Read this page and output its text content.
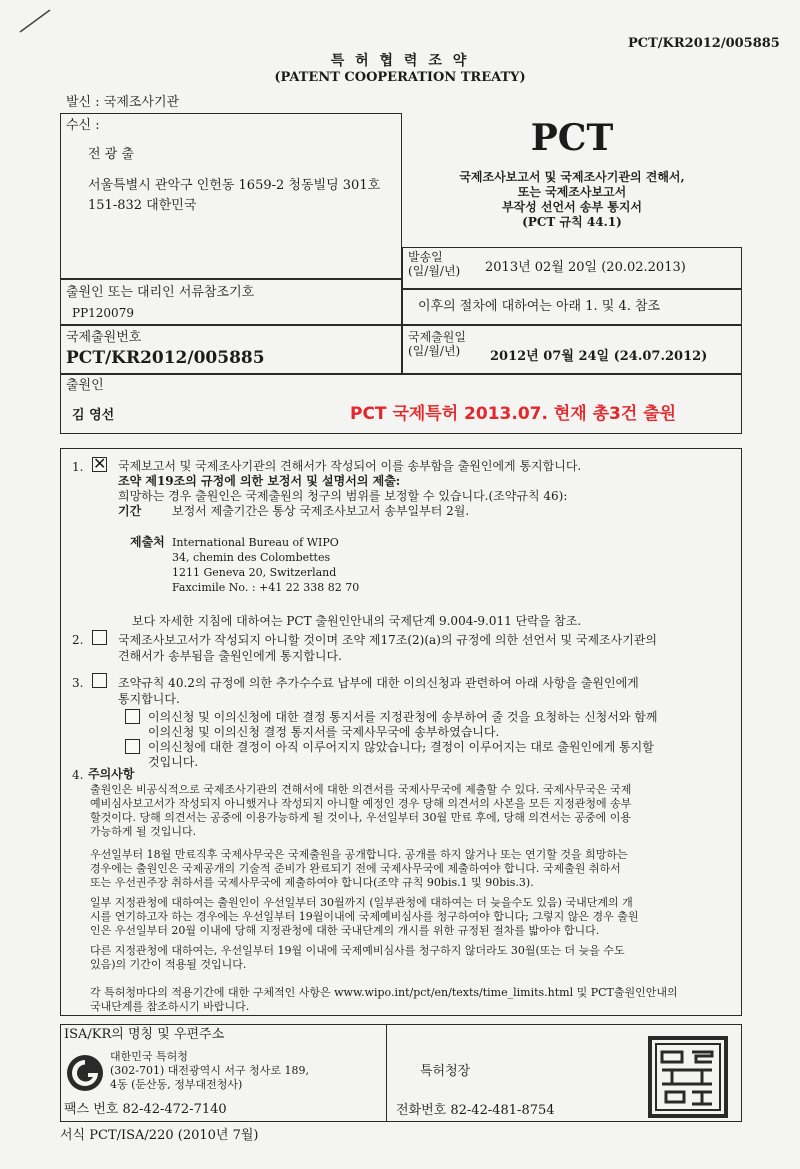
PCT/KR2012/005885
특 허 협 력 조 약
(PATENT COOPERATION TREATY)
발신 : 국제조사기관
수신 :
전 광 출
서울특별시 관악구 인헌동 1659-2 청동빌딩 301호
151-832 대한민국
PCT
국제조사보고서 및 국제조사기관의 견해서,
또는 국제조사보고서
부작성 선언서 송부 통지서
(PCT 규칙 44.1)
발송일
(일/월/년) 2013년 02월 20일 (20.02.2013)
출원인 또는 대리인 서류참조기호
PP120079	이후의 절차에 대하여는 아래 1. 및 4. 참조
국제출원번호
PCT/KR2012/005885
국제출원일
(일/월/년)	2012년 07월 24일 (24.07.2012)
출원인
김 영선	PCT 국제특허 2013.07. 현재 총3건 출원
1. ✕ 국제보고서 및 국제조사기관의 견해서가 작성되어 이를 송부함을 출원인에게 통지합니다.
조약 제19조의 규정에 의한 보정서 및 설명서의 제출:
희망하는 경우 출원인은 국제출원의 청구의 범위를 보정할 수 있습니다.(조약규칙 46):
기간	보정서 제출기간은 통상 국제조사보고서 송부일부터 2월.
제출처 International Bureau of WIPO
34, chemin des Colombettes
1211 Geneva 20, Switzerland
Faxcimile No. : +41 22 338 82 70
보다 자세한 지침에 대하여는 PCT 출원인안내의 국제단계 9.004-9.011 단락을 참조.
2.	국제조사보고서가 작성되지 아니할 것이며 조약 제17조(2)(a)의 규정에 의한 선언서 및 국제조사기관의
견해서가 송부됨을 출원인에게 통지합니다.
3.	조약규칙 40.2의 규정에 의한 추가수수료 납부에 대한 이의신청과 관련하여 아래 사항을 출원인에게
통지합니다.
이의신청 및 이의신청에 대한 결정 통지서를 지정관청에 송부하여 줄 것을 요청하는 신청서와 함께
이의신청 및 이의신청 결정 통지서를 국제사무국에 송부하였습니다.
이의신청에 대한 결정이 아직 이루어지지 않았습니다; 결정이 이루어지는 대로 출원인에게 통지할
것입니다.
4. 주의사항
출원인은 비공식적으로 국제조사기관의 견해서에 대한 의견서를 국제사무국에 제출할 수 있다. 국제사무국은 국제
예비심사보고서가 작성되지 아니했거나 작성되지 아니할 예정인 경우 당해 의견서의 사본을 모든 지정관청에 송부
할것이다. 당해 의견서는 공중에 이용가능하게 될 것이나, 우선일부터 30월 만료 후에, 당해 의견서는 공중에 이용
가능하게 될 것입니다.
우선일부터 18월 만료직후 국제사무국은 국제출원을 공개합니다. 공개를 하지 않거나 또는 연기할 것을 희망하는
경우에는 출원인은 국제공개의 기술적 준비가 완료되기 전에 국제사무국에 제출하여야 합니다. 국제출원 취하서
또는 우선권주장 취하서를 국제사무국에 제출하여야 합니다(조약 규칙 90bis.1 및 90bis.3).
일부 지정관청에 대하여는 출원인이 우선일부터 30월까지 (일부관청에 대하여는 더 늦을수도 있음) 국내단계의 개
시를 연기하고자 하는 경우에는 우선일부터 19월이내에 국제예비심사를 청구하여야 합니다; 그렇지 않은 경우 출원
인은 우선일부터 20월 이내에 당해 지정관청에 대한 국내단계의 개시를 위한 규정된 절차를 밟아야 합니다.
다른 지정관청에 대하여는, 우선일부터 19월 이내에 국제예비심사를 청구하지 않더라도 30월(또는 더 늦을 수도
있음)의 기간이 적용될 것입니다.
각 특허청마다의 적용기간에 대한 구체적인 사항은 www.wipo.int/pct/en/texts/time_limits.html 및 PCT출원인안내의
국내단계를 참조하시기 바랍니다.
ISA/KR의 명칭 및 우편주소
대한민국 특허청
(302-701) 대전광역시 서구 청사로 189,
4동 (둔산동, 정부대전청사)
팩스 번호 82-42-472-7140
특허청장
전화번호 82-42-481-8754
서식 PCT/ISA/220 (2010년 7월)
